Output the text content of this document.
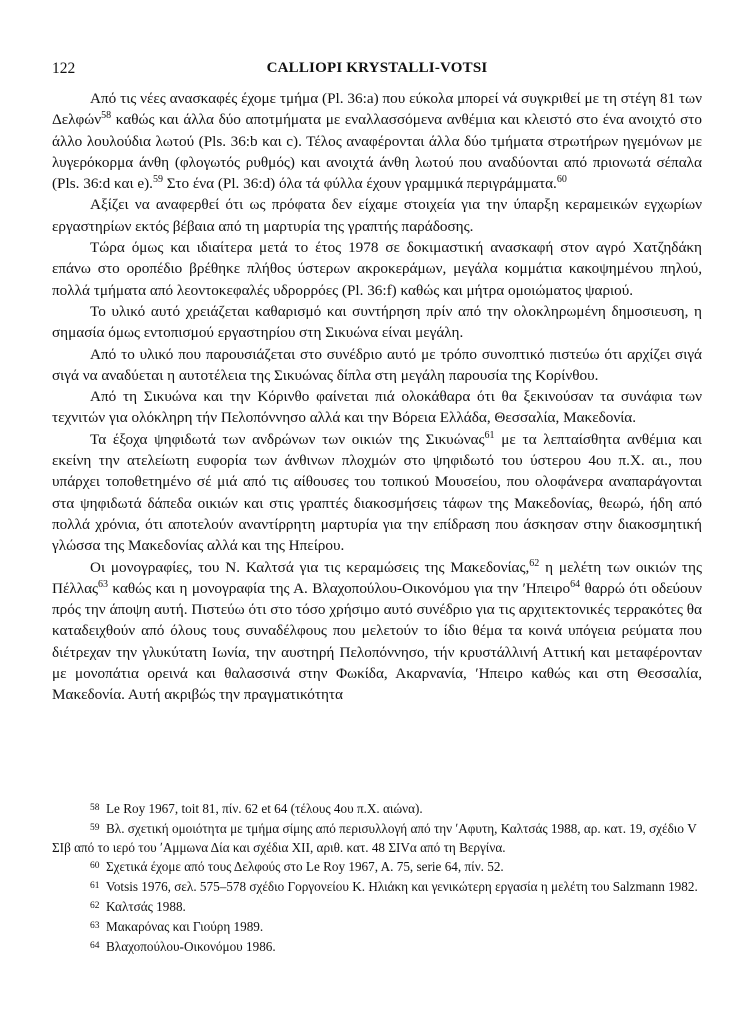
122	CALLIOPI KRYSTALLI-VOTSI

Από τις νέες ανασκαφές έχομε τμήμα (Pl. 36:a) που εύκολα μπορεί νά συγκριθεί με τη στέγη 81 των Δελφών$^{58}$ καθώς και άλλα δύο αποτμήματα με εναλλασσόμενα ανθέμια και κλειστό στο ένα ανοιχτό στο άλλο λουλούδια λωτού (Pls. 36:b και c). Τέλος αναφέρονται άλλα δύο τμήματα στρωτήρων ηγεμόνων με λυγερόκορμα άνθη (φλογωτός ρυθμός) και ανοιχτά άνθη λωτού που αναδύονται από πριονωτά σέπαλα (Pls. 36:d και e).$^{59}$ Στο ένα (Pl. 36:d) όλα τά φύλλα έχουν γραμμικά περιγράμματα.$^{60}$

Αξίζει να αναφερθεί ότι ως πρόφατα δεν είχαμε στοιχεία για την ύπαρξη κεραμεικών εγχωρίων εργαστηρίων εκτός βέβαια από τη μαρτυρία της γραπτής παράδοσης.

Τώρα όμως και ιδιαίτερα μετά το έτος 1978 σε δοκιμαστική ανασκαφή στον αγρό Χατζηδάκη επάνω στο οροπέδιο βρέθηκε πλήθος ύστερων ακροκεράμων, μεγάλα κομμάτια κακοψημένου πηλού, πολλά τμήματα από λεοντοκεφαλές υδρορρόες (Pl. 36:f) καθώς και μήτρα ομοιώματος ψαριού.

Το υλικό αυτό χρειάζεται καθαρισμό και συντήρηση πρίν από την ολοκληρωμένη δημοσιευση, η σημασία όμως εντοπισμού εργαστηρίου στη Σικυώνα είναι μεγάλη.

Από το υλικό που παρουσιάζεται στο συνέδριο αυτό με τρόπο συνοπτικό πιστεύω ότι αρχίζει σιγά σιγά να αναδύεται η αυτοτέλεια της Σικυώνας δίπλα στη μεγάλη παρουσία της Κορίνθου.

Από τη Σικυώνα και την Κόρινθο φαίνεται πιά ολοκάθαρα ότι θα ξεκινούσαν τα συνάφια των τεχνιτών για ολόκληρη τήν Πελοπόννησο αλλά και την Βόρεια Ελλάδα, Θεσσαλία, Μακεδονία.

Τα έξοχα ψηφιδωτά των ανδρώνων των οικιών της Σικυώνας$^{61}$ με τα λεπταίσθητα ανθέμια και εκείνη την ατελείωτη ευφορία των άνθινων πλοχμών στο ψηφιδωτό του ύστερου 4ου π.Χ. αι., που υπάρχει τοποθετημένο σέ μιά από τις αίθουσες του τοπικού Μουσείου, που ολοφάνερα αναπαράγονται στα ψηφιδωτά δάπεδα οικιών και στις γραπτές διακοσμήσεις τάφων της Μακεδονίας, θεωρώ, ήδη από πολλά χρόνια, ότι αποτελούν αναντίρρητη μαρτυρία για την επίδραση που άσκησαν στην διακοσμητική γλώσσα της Μακεδονίας αλλά και της Ηπείρου.

Οι μονογραφίες, του Ν. Καλτσά για τις κεραμώσεις της Μακεδονίας,$^{62}$ η μελέτη των οικιών της Πέλλας$^{63}$ καθώς και η μονογραφία της Α. Βλαχοπούλου-Οικονόμου για την ʹΗπειρο$^{64}$ θαρρώ ότι οδεύουν πρός την άποψη αυτή. Πιστεύω ότι στο τόσο χρήσιμο αυτό συνέδριο για τις αρχιτεκτονικές τερρακότες θα καταδειχθούν από όλους τους συναδέλφους που μελετούν το ίδιο θέμα τα κοινά υπόγεια ρεύματα που διέτρεχαν την γλυκύτατη Ιωνία, την αυστηρή Πελοπόννησο, τήν κρυστάλλινή Αττική και μεταφέρονταν με μονοπάτια ορεινά και θαλασσινά στην Φωκίδα, Ακαρνανία, ʹΗπειρο καθώς και στη Θεσσαλία, Μακεδονία. Αυτή ακριβώς την πραγματικότητα

58 Le Roy 1967, toit 81, πίν. 62 et 64 (τέλους 4ου π.Χ. αιώνα).
59 Βλ. σχετική ομοιότητα με τμήμα σίμης από περισυλλογή από την ʹΑφυτη, Καλτσάς 1988, αρ. κατ. 19, σχέδιο V ΣΙβ από το ιερό του ʹΑμμωνα Δία και σχέδια XII, αριθ. κατ. 48 ΣΙVα από τη Βεργίνα.
60 Σχετικά έχομε από τους Δελφούς στο Le Roy 1967, A. 75, serie 64, πίν. 52.
61 Votsis 1976, σελ. 575–578 σχέδιο Γοργονείου Κ. Ηλιάκη και γενικώτερη εργασία η μελέτη του Salzmann 1982.
62 Καλτσάς 1988.
63 Μακαρόνας και Γιούρη 1989.
64 Βλαχοπούλου-Οικονόμου 1986.
